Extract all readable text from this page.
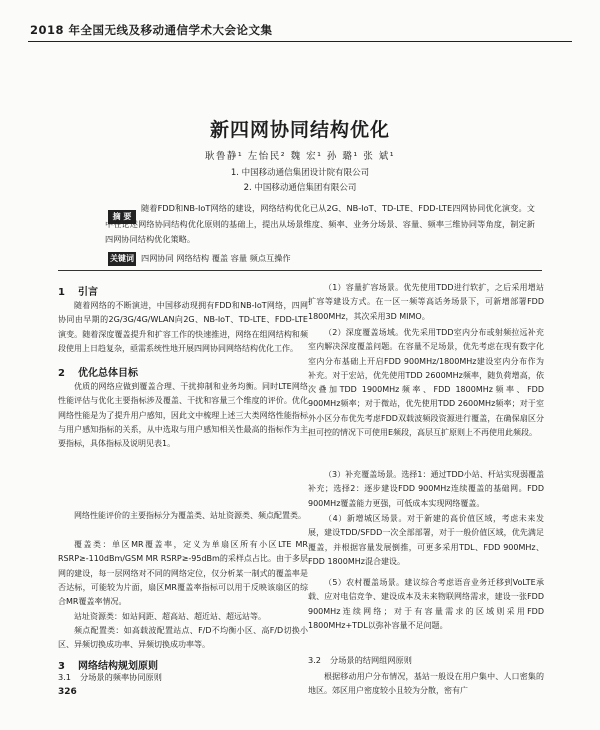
2018 年全国无线及移动通信学术大会论文集
新四网协同结构优化
耿鲁静¹ 左怡民² 魏 宏¹ 孙 璐¹ 张 斌¹
1. 中国移动通信集团设计院有限公司
2. 中国移动通信集团有限公司
摘 要
随着FDD和NB-IoT网络的建设，网络结构优化已从2G、NB-IoT、TD-LTE、FDD-LTE四网协同优化演变。文中在论述网络协同结构优化原则的基础上，提出从场景维度、频率、业务分场景、容量、频率三维协同等角度，制定新四网协同结构优化策略。
关键词 四网协同 网络结构 覆盖 容量 频点互操作
1 引言
随着网络的不断演进，中国移动现拥有FDD和NB-IoT网络，四网协同由早期的2G/3G/4G/WLAN向2G、NB-IoT、TD-LTE、FDD-LTE演变。随着深度覆盖提升和扩容工作的快速推进，网络在组网结构和频段使用上日趋复杂，亟需系统性地开展四网协同网络结构优化工作。
2 优化总体目标
优质的网络应做到覆盖合理、干扰抑制和业务均衡。同时LTE网络性能评估与优化主要指标涉及覆盖、干扰和容量三个维度的评价。优化网络性能是为了提升用户感知，因此文中梳理上述三大类网络性能指标与用户感知指标的关系，从中选取与用户感知相关性最高的指标作为主要指标，具体指标及说明见表1。
网络性能评价的主要指标分为覆盖类、站址资源类、频点配置类。
覆盖类：单区MR覆盖率，定义为单扇区所有小区LTE MR RSRP≥-110dBm/GSM MR RSRP≥-95dBm的采样点占比。由于多层网的建设，每一层网络对不同的网络定位，仅分析某一制式的覆盖率是否达标，可能较为片面，扇区MR覆盖率指标可以用于反映该扇区的综合MR覆盖率情况。
站址资源类：如站间距、超高站、超近站、超远站等。
频点配置类：如高载波配置站点、F/D不均衡小区、高F/D切换小区、异频切换成功率、异频切换成功率等。
3 网络结构规划原则
3.1 分场景的频率协同原则
（1）容量扩容场景。优先使用TDD进行软扩，之后采用增站扩容等建设方式。在一区一频等高话务场景下，可新增部署FDD 1800MHz，其次采用3D MIMO。
（2）深度覆盖场域。优先采用TDD室内分布或射频拉远补充室内解决深度覆盖问题。在容量不足场景，优先考虑在现有数字化室内分布基础上开启FDD 900MHz/1800MHz建设室内分布作为补充。对于宏站，优先使用TDD 2600MHz频率，随负荷增高，依次叠加TDD 1900MHz频率、FDD 1800MHz频率、FDD 900MHz频率；对于微站，优先使用TDD 2600MHz频率；对于室外小区分布优先考虑FDD双载波频段资源进行覆盖，在确保扇区分担可控的情况下可使用E频段，高层互扩原则上不再使用此频段。
（3）补充覆盖场景。选择1：通过TDD小站、杆站实现弱覆盖补充；选择2：逐步建设FDD 900MHz连续覆盖的基础网。FDD 900MHz覆盖能力更强，可低成本实现网络覆盖。
（4）新增城区场景。对于新建的高价值区域，考虑未来发展，建设TDD/SFDD一次全部部署，对于一般价值区域，优先满足覆盖，并根据容量发展倒推，可更多采用TDL、FDD 900MHz、FDD 1800MHz混合建设。
（5）农村覆盖场景。建议综合考虑语音业务迁移到VoLTE承载、应对电信竞争、建设成本及未来物联网络需求，建设一张FDD 900MHz连续网络；对于有容量需求的区域则采用FDD 1800MHz+TDL以弥补容量不足问题。
3.2 分场景的结网组网原则
根据移动用户分布情况，基站一般设在用户集中、人口密集的地区。郊区用户密度较小且较为分散，密有广
326
